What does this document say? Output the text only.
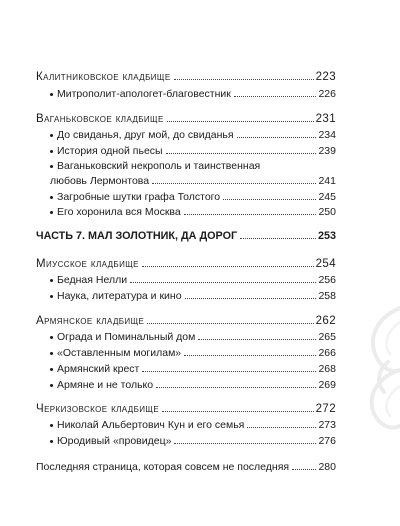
Калитниковское кладбище	223
Митрополит-апологет-благовестник	226
Ваганьковское кладбище	231
До свиданья, друг мой, до свиданья	234
История одной пьесы	239
Ваганьковский некрополь и таинственная
любовь Лермонтова	241
Загробные шутки графа Толстого	245
Его хоронила вся Москва	250
ЧАСТЬ 7. МАЛ ЗОЛОТНИК, ДА ДОРОГ	253
Миусское кладбище	254
Бедная Нелли	256
Наука, литература и кино	258
Армянское кладбище	262
Ограда и Поминальный дом	265
«Оставленным могилам»	266
Армянский крест	268
Армяне и не только	269
Черкизовское кладбище	272
Николай Альбертович Кун и его семья	273
Юродивый «провидец»	276
Последняя страница, которая совсем не последняя	280
